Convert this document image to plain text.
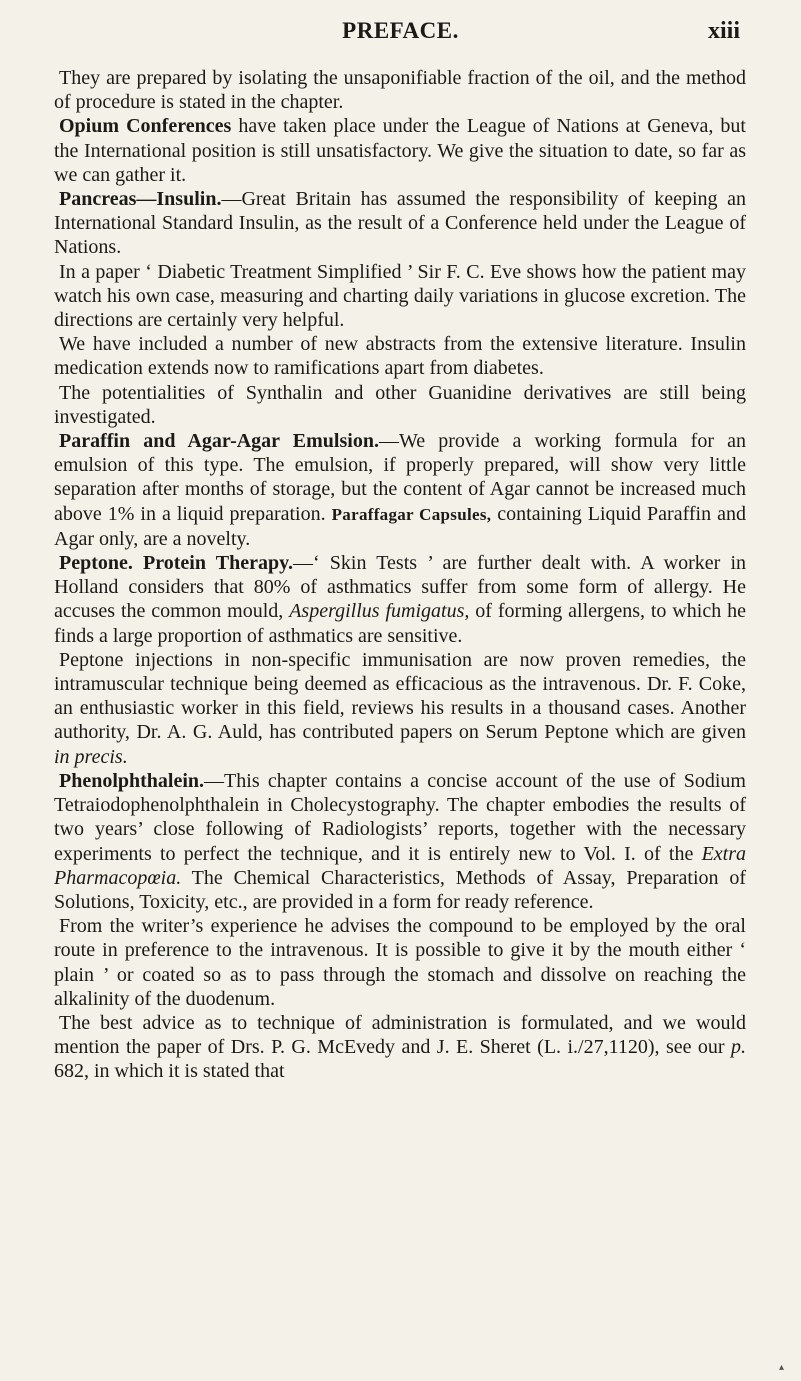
PREFACE.	xiii

They are prepared by isolating the unsaponifiable fraction of the oil, and the method of procedure is stated in the chapter.

Opium Conferences have taken place under the League of Nations at Geneva, but the International position is still unsatisfactory. We give the situation to date, so far as we can gather it.

Pancreas—Insulin.—Great Britain has assumed the responsibility of keeping an International Standard Insulin, as the result of a Conference held under the League of Nations.

In a paper ‘ Diabetic Treatment Simplified ’ Sir F. C. Eve shows how the patient may watch his own case, measuring and charting daily variations in glucose excretion. The directions are certainly very helpful.

We have included a number of new abstracts from the extensive literature. Insulin medication extends now to ramifications apart from diabetes.

The potentialities of Synthalin and other Guanidine derivatives are still being investigated.

Paraffin and Agar-Agar Emulsion.—We provide a working formula for an emulsion of this type. The emulsion, if properly prepared, will show very little separation after months of storage, but the content of Agar cannot be increased much above 1% in a liquid preparation. Paraffagar Capsules, containing Liquid Paraffin and Agar only, are a novelty.

Peptone. Protein Therapy.—‘ Skin Tests ’ are further dealt with. A worker in Holland considers that 80% of asthmatics suffer from some form of allergy. He accuses the common mould, Aspergillus fumigatus, of forming allergens, to which he finds a large proportion of asthmatics are sensitive.

Peptone injections in non-specific immunisation are now proven remedies, the intramuscular technique being deemed as efficacious as the intravenous. Dr. F. Coke, an enthusiastic worker in this field, reviews his results in a thousand cases. Another authority, Dr. A. G. Auld, has contributed papers on Serum Peptone which are given in precis.

Phenolphthalein.—This chapter contains a concise account of the use of Sodium Tetraiodophenolphthalein in Cholecystography. The chapter embodies the results of two years’ close following of Radiologists’ reports, together with the necessary experiments to perfect the technique, and it is entirely new to Vol. I. of the Extra Pharmacopœia. The Chemical Characteristics, Methods of Assay, Preparation of Solutions, Toxicity, etc., are provided in a form for ready reference.

From the writer’s experience he advises the compound to be employed by the oral route in preference to the intravenous. It is possible to give it by the mouth either ‘ plain ’ or coated so as to pass through the stomach and dissolve on reaching the alkalinity of the duodenum.

The best advice as to technique of administration is formulated, and we would mention the paper of Drs. P. G. McEvedy and J. E. Sheret (L. i./27,1120), see our p. 682, in which it is stated that

▴
